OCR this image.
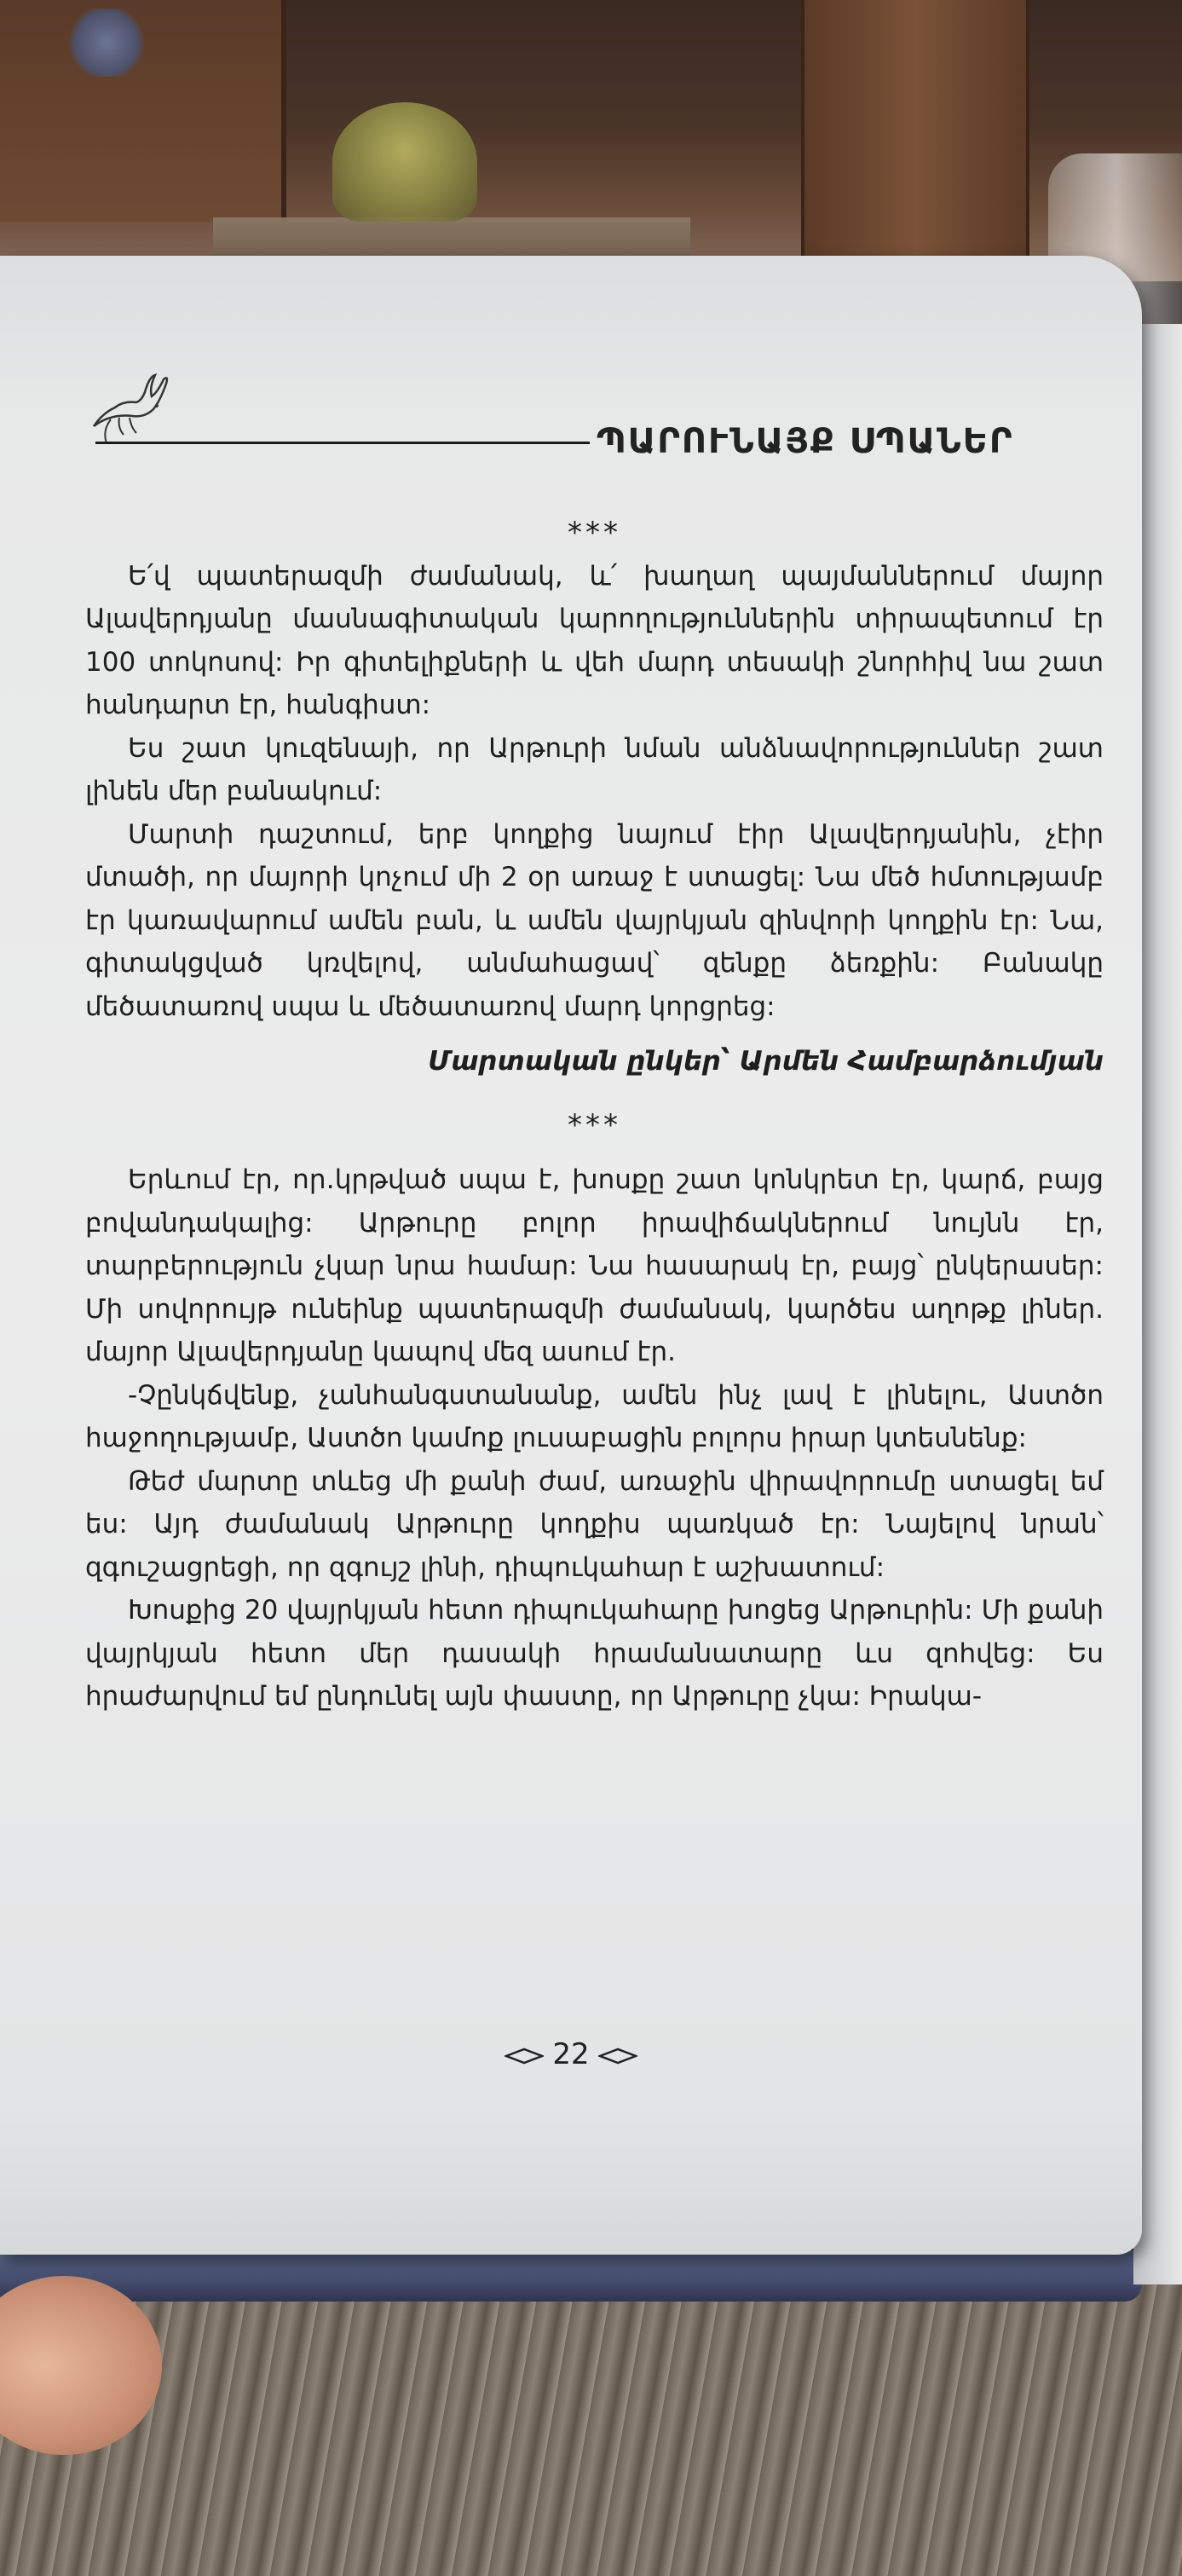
ՊԱՐՈՒՆԱՅՔ ՍՊԱՆԵՐ
***

Ե՛վ պատերազմի ժամանակ, և՛ խաղաղ պայմաններում մայոր Ալավերդյանը մասնագիտական կարողություններին տիրապետում էր 100 տոկոսով: Իր գիտելիքների և վեհ մարդ տեսակի շնորհիվ նա շատ հանդարտ էր, հանգիստ:

Ես շատ կուզենայի, որ Արթուրի նման անձնավորություններ շատ լինեն մեր բանակում:

Մարտի դաշտում, երբ կողքից նայում էիր Ալավերդյանին, չէիր մտածի, որ մայորի կոչում մի 2 օր առաջ է ստացել: Նա մեծ հմտությամբ էր կառավարում ամեն բան, և ամեն վայրկյան զինվորի կողքին էր: Նա, գիտակցված կռվելով, անմահացավ՝ զենքը ձեռքին: Բանակը մեծատառով սպա և մեծատառով մարդ կորցրեց:

Մարտական ընկեր՝ Արմեն Համբարձումյան
***

Երևում էր, որ․կրթված սպա է, խոսքը շատ կոնկրետ էր, կարճ, բայց բովանդակալից: Արթուրը բոլոր իրավիճակներում նույնն էր, տարբերություն չկար նրա համար: Նա հասարակ էր, բայց՝ ընկերասեր: Մի սովորույթ ունեինք պատերազմի ժամանակ, կարծես աղոթք լիներ. մայոր Ալավերդյանը կապով մեզ ասում էր.

-Չընկճվենք, չանհանգստանանք, ամեն ինչ լավ է լինելու, Աստծո հաջողությամբ, Աստծո կամոք լուսաբացին բոլորս իրար կտեսնենք:

Թեժ մարտը տևեց մի քանի ժամ, առաջին վիրավորումը ստացել եմ ես: Այդ ժամանակ Արթուրը կողքիս պառկած էր: Նայելով նրան՝ զգուշացրեցի, որ զգույշ լինի, դիպուկահար է աշխատում:

Խոսքից 20 վայրկյան հետո դիպուկահարը խոցեց Արթուրին: Մի քանի վայրկյան հետո մեր դասակի հրամանատարը ևս զոհվեց: Ես հրաժարվում եմ ընդունել այն փաստը, որ Արթուրը չկա: Իրակա-

22
